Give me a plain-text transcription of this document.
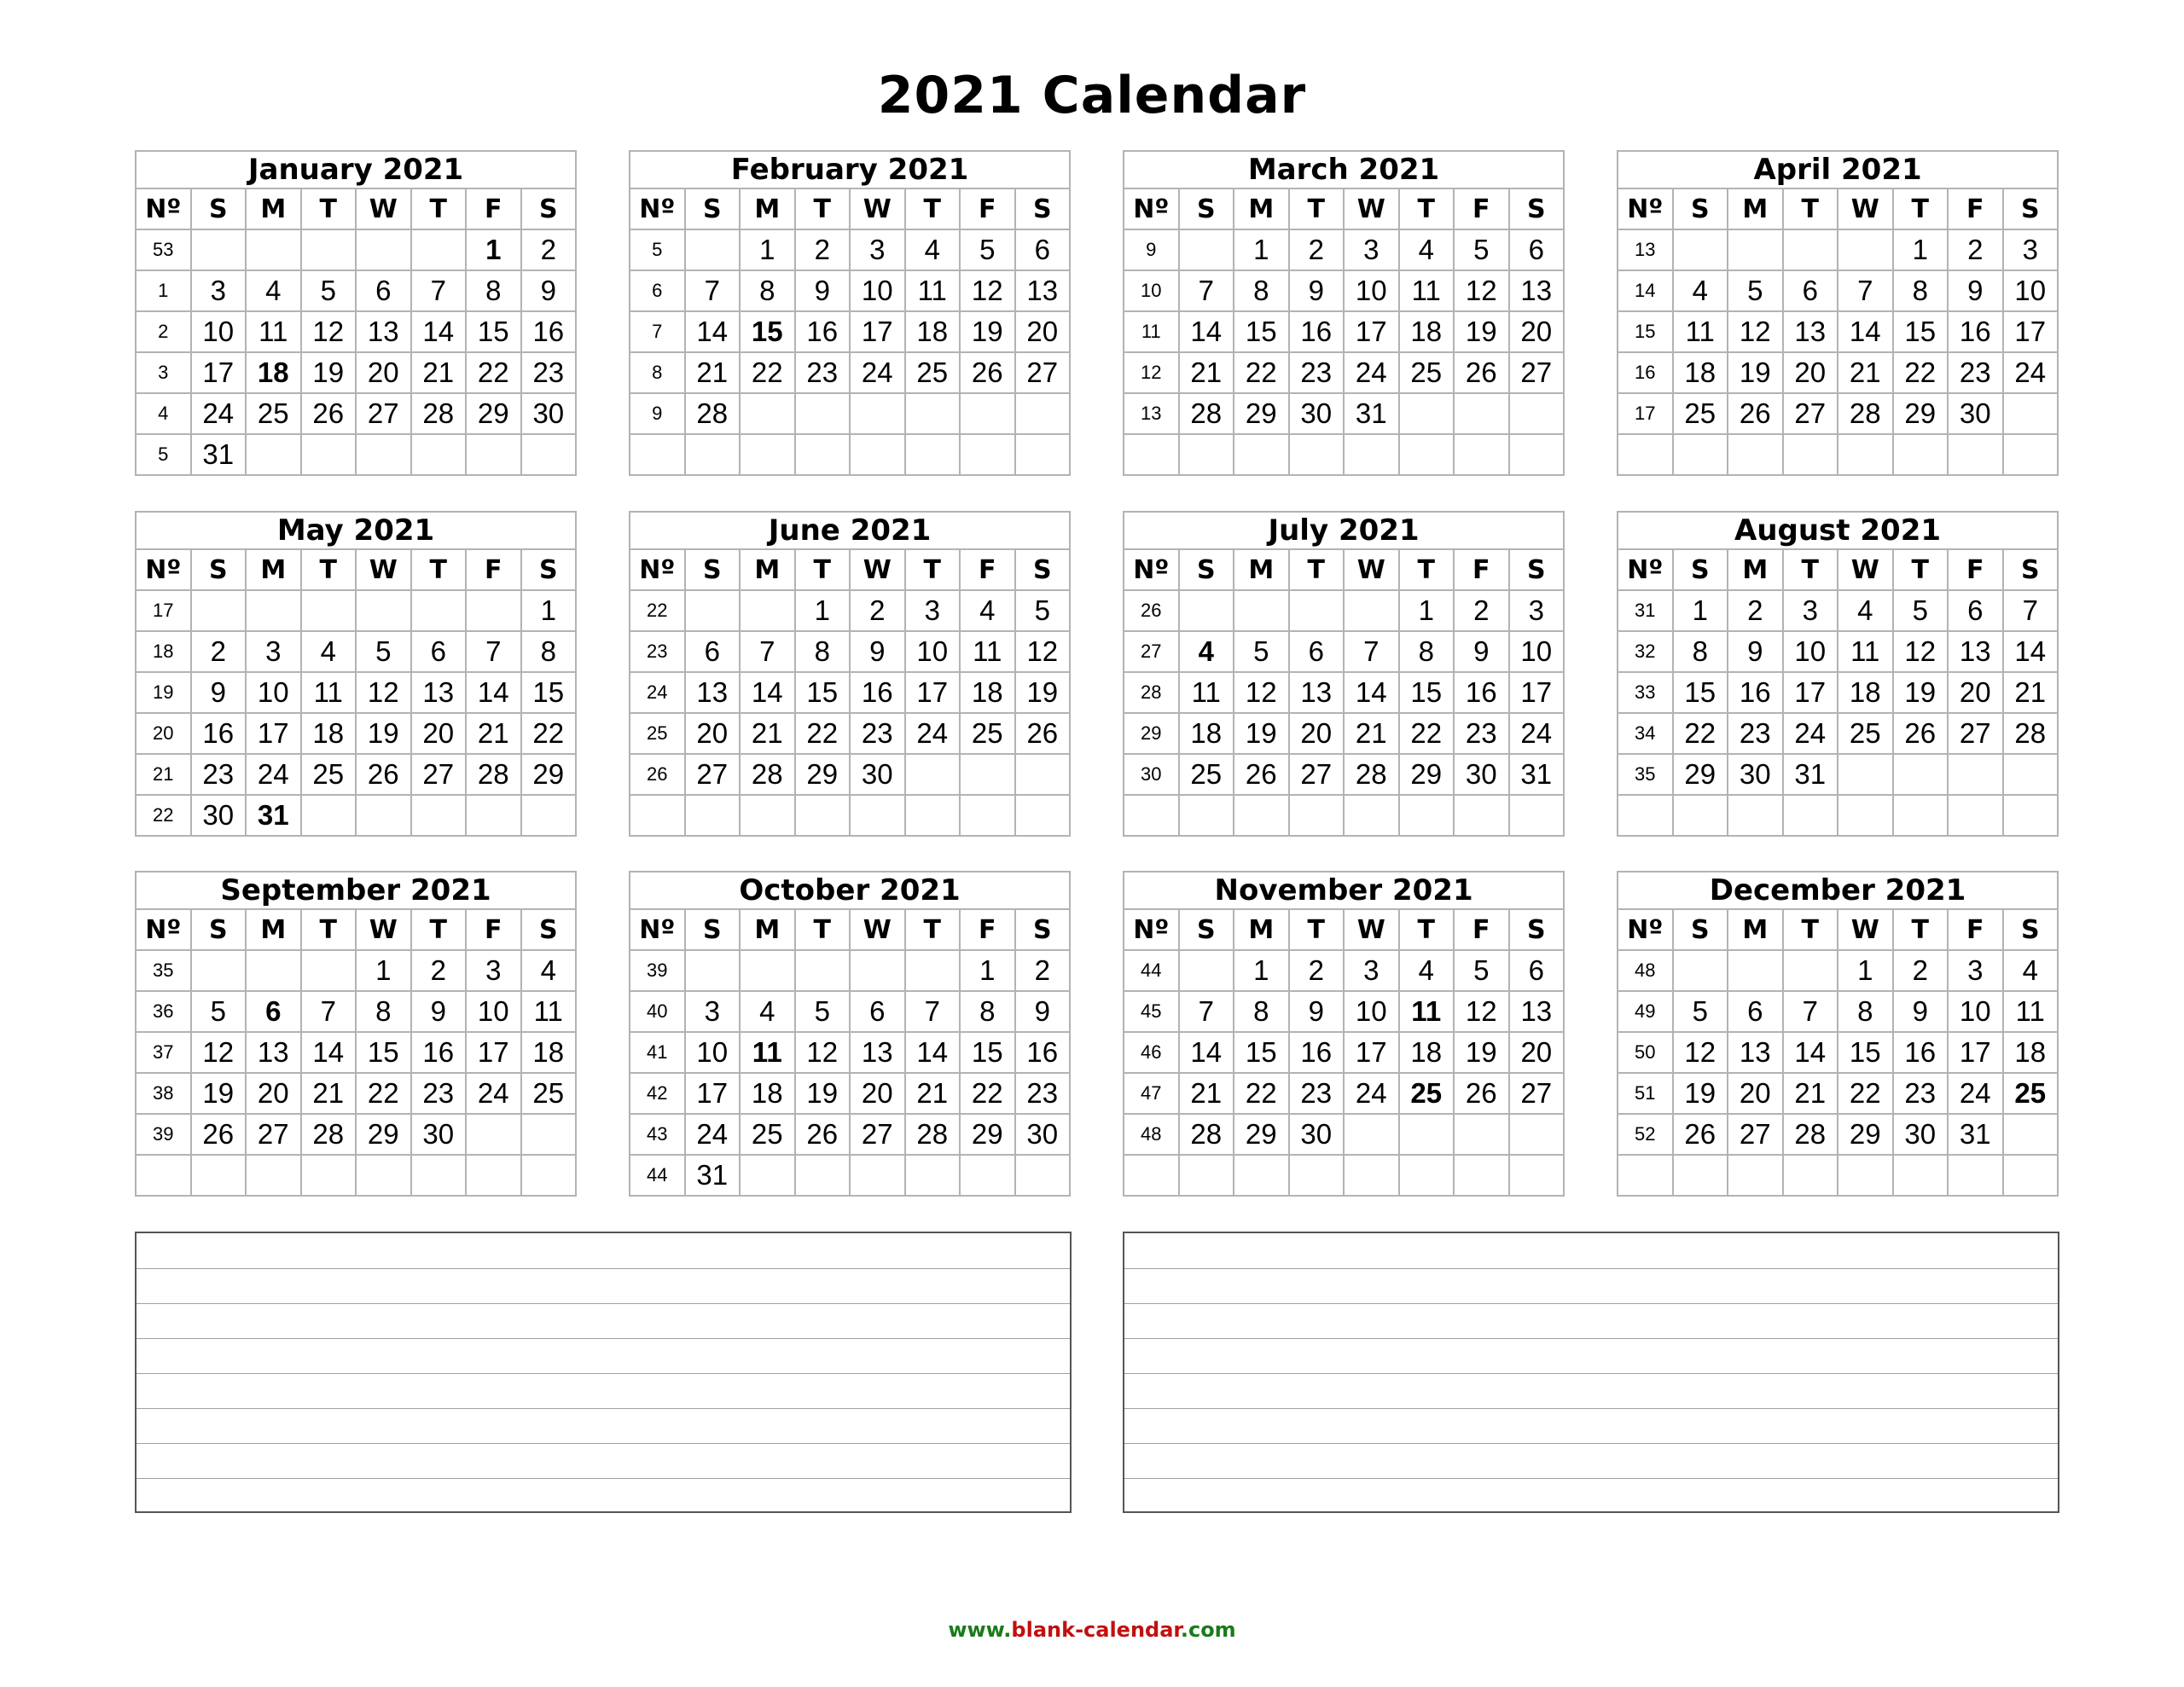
2021 Calendar
January 2021							
Nº	S	M	T	W	T	F	S
53						1	2
1	3	4	5	6	7	8	9
2	10	11	12	13	14	15	16
3	17	18	19	20	21	22	23
4	24	25	26	27	28	29	30
5	31						
February 2021							
Nº	S	M	T	W	T	F	S
5		1	2	3	4	5	6
6	7	8	9	10	11	12	13
7	14	15	16	17	18	19	20
8	21	22	23	24	25	26	27
9	28						

March 2021							
Nº	S	M	T	W	T	F	S
9		1	2	3	4	5	6
10	7	8	9	10	11	12	13
11	14	15	16	17	18	19	20
12	21	22	23	24	25	26	27
13	28	29	30	31			

April 2021							
Nº	S	M	T	W	T	F	S
13					1	2	3
14	4	5	6	7	8	9	10
15	11	12	13	14	15	16	17
16	18	19	20	21	22	23	24
17	25	26	27	28	29	30	

May 2021							
Nº	S	M	T	W	T	F	S
17							1
18	2	3	4	5	6	7	8
19	9	10	11	12	13	14	15
20	16	17	18	19	20	21	22
21	23	24	25	26	27	28	29
22	30	31					
June 2021							
Nº	S	M	T	W	T	F	S
22			1	2	3	4	5
23	6	7	8	9	10	11	12
24	13	14	15	16	17	18	19
25	20	21	22	23	24	25	26
26	27	28	29	30			

July 2021							
Nº	S	M	T	W	T	F	S
26					1	2	3
27	4	5	6	7	8	9	10
28	11	12	13	14	15	16	17
29	18	19	20	21	22	23	24
30	25	26	27	28	29	30	31

August 2021							
Nº	S	M	T	W	T	F	S
31	1	2	3	4	5	6	7
32	8	9	10	11	12	13	14
33	15	16	17	18	19	20	21
34	22	23	24	25	26	27	28
35	29	30	31				

September 2021							
Nº	S	M	T	W	T	F	S
35				1	2	3	4
36	5	6	7	8	9	10	11
37	12	13	14	15	16	17	18
38	19	20	21	22	23	24	25
39	26	27	28	29	30		

October 2021							
Nº	S	M	T	W	T	F	S
39						1	2
40	3	4	5	6	7	8	9
41	10	11	12	13	14	15	16
42	17	18	19	20	21	22	23
43	24	25	26	27	28	29	30
44	31						
November 2021							
Nº	S	M	T	W	T	F	S
44		1	2	3	4	5	6
45	7	8	9	10	11	12	13
46	14	15	16	17	18	19	20
47	21	22	23	24	25	26	27
48	28	29	30				

December 2021							
Nº	S	M	T	W	T	F	S
48				1	2	3	4
49	5	6	7	8	9	10	11
50	12	13	14	15	16	17	18
51	19	20	21	22	23	24	25
52	26	27	28	29	30	31	

www.blank-calendar.com
